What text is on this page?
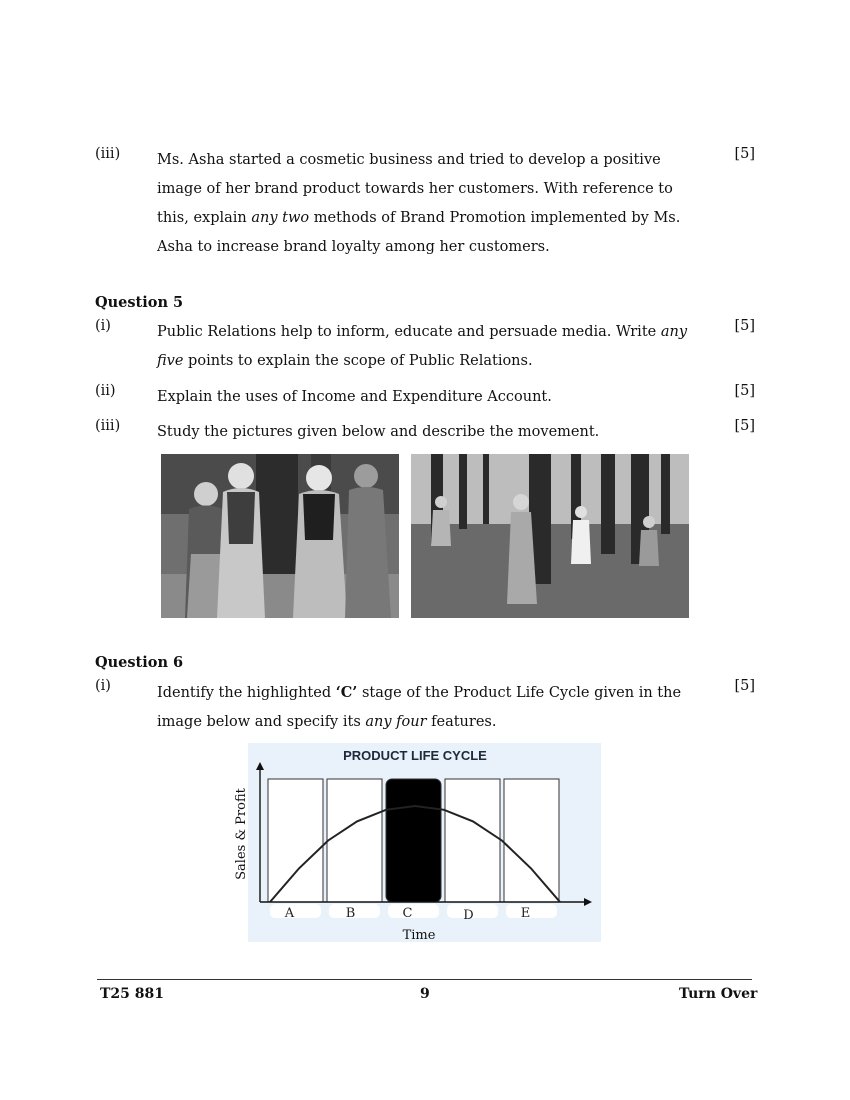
(iii)	Ms. Asha started a cosmetic business and tried to develop a positive image of her brand product towards her customers. With reference to this, explain any two methods of Brand Promotion implemented by Ms. Asha to increase brand loyalty among her customers.
[5]
Question 5
(i)	Public Relations help to inform, educate and persuade media. Write any five points to explain the scope of Public Relations.
[5]
(ii)	Explain the uses of Income and Expenditure Account.	[5]
(iii)	Study the pictures given below and describe the movement.	[5]
Question 6
(i)	Identify the highlighted ‘C’ stage of the Product Life Cycle given in the image below and specify its any four features.
[5]
PRODUCT LIFE CYCLE
A	B	C	D	E
Time
Sales & Profit
T25 881	9	Turn Over
